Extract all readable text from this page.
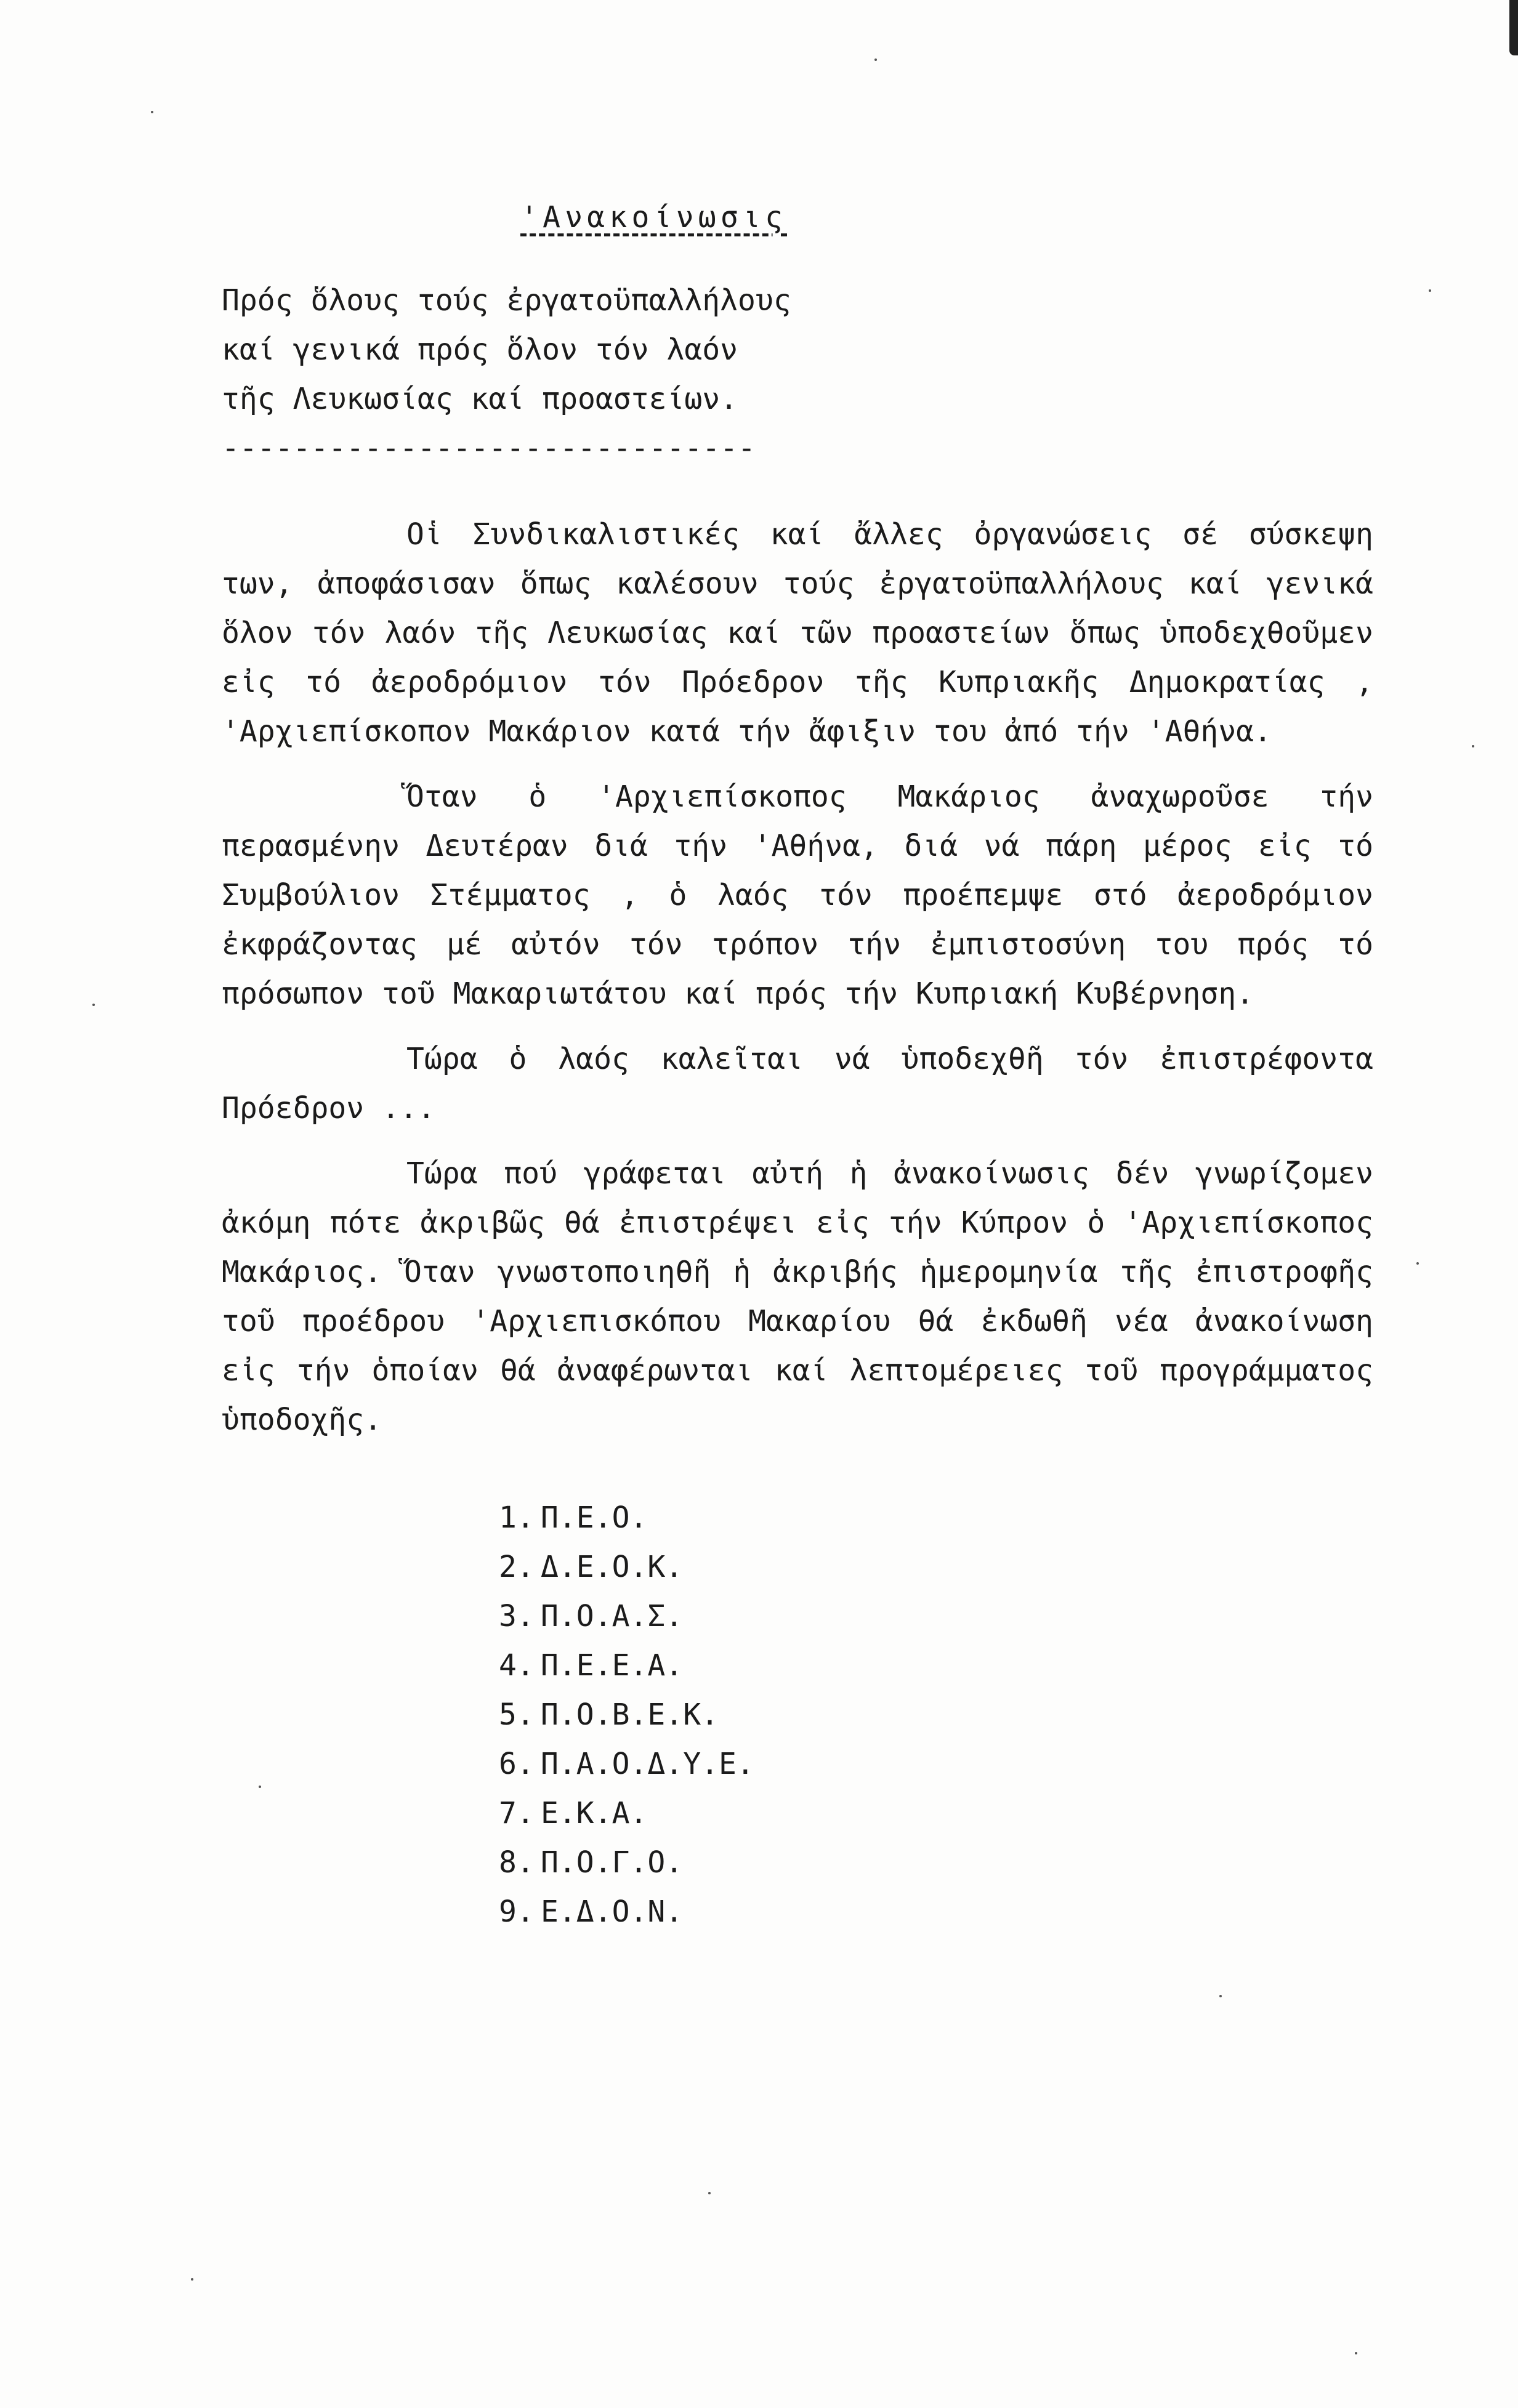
'Ανακοίνωσις
Πρός ὅλους τούς ἐργατοϋπαλλήλους
καί γενικά πρός ὅλον τόν λαόν
τῆς Λευκωσίας καί προαστείων.
------------------------------

Οἱ Συνδικαλιστικές καί ἄλλες ὀργανώσεις σέ σύσκεψη των, ἀποφάσισαν ὅπως καλέσουν τούς ἐργατοϋπαλλήλους καί γενικά ὅλον τόν λαόν τῆς Λευκωσίας καί τῶν προαστείων ὅπως ὑποδεχθοῦμεν εἰς τό ἀεροδρόμιον τόν Πρόεδρον τῆς Κυπριακῆς Δημοκρατίας , 'Αρχιεπίσκοπον Μακάριον κατά τήν ἄφιξιν του ἀπό τήν 'Αθήνα.

Ὅταν ὁ 'Αρχιεπίσκοπος Μακάριος ἀναχωροῦσε τήν περασμένην Δευτέραν διά τήν 'Αθήνα, διά νά πάρη μέρος εἰς τό Συμβούλιον Στέμματος , ὁ λαός τόν προέπεμψε στό ἀεροδρόμιον ἐκφράζοντας μέ αὐτόν τόν τρόπον τήν ἐμπιστοσύνη του πρός τό πρόσωπον τοῦ Μακαριωτάτου καί πρός τήν Κυπριακή Κυβέρνηση.

Τώρα ὁ λαός καλεῖται νά ὑποδεχθῆ τόν ἐπιστρέφοντα Πρόεδρον ...

Τώρα πού γράφεται αὐτή ἡ ἀνακοίνωσις δέν γνωρίζομεν ἀκόμη πότε ἀκριβῶς θά ἐπιστρέψει εἰς τήν Κύπρον ὁ 'Αρχιεπίσκοπος Μακάριος. Ὅταν γνωστοποιηθῆ ἡ ἀκριβής ἡμερομηνία τῆς ἐπιστροφῆς τοῦ προέδρου 'Αρχιεπισκόπου Μακαρίου θά ἐκδωθῆ νέα ἀνακοίνωση εἰς τήν ὁποίαν θά ἀναφέρωνται καί λεπτομέρειες τοῦ προγράμματος ὑποδοχῆς.

1. Π.Ε.Ο.
2. Δ.Ε.Ο.Κ.
3. Π.Ο.Α.Σ.
4. Π.Ε.Ε.Α.
5. Π.Ο.Β.Ε.Κ.
6. Π.Α.Ο.Δ.Υ.Ε.
7. Ε.Κ.Α.
8. Π.Ο.Γ.Ο.
9. Ε.Δ.Ο.Ν.
